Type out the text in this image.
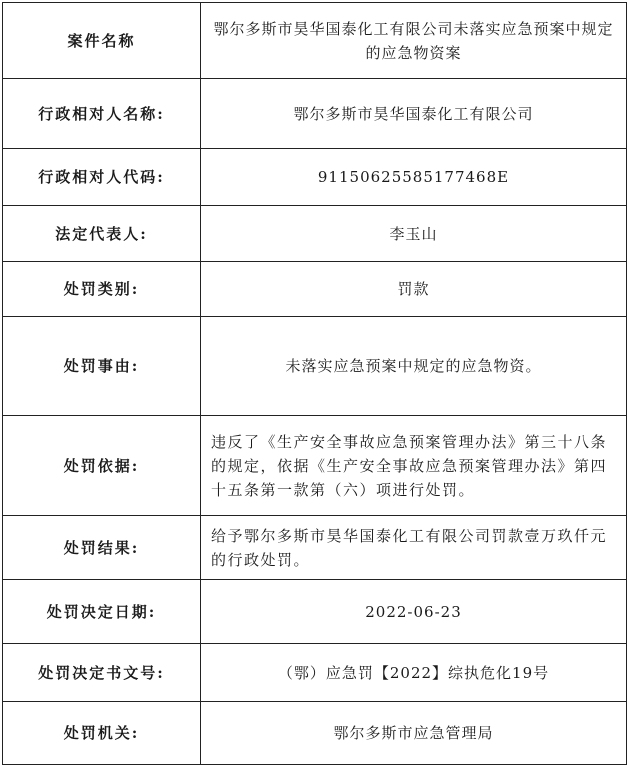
案件名称	鄂尔多斯市昊华国泰化工有限公司未落实应急预案中规定的应急物资案
行政相对人名称:	鄂尔多斯市昊华国泰化工有限公司
行政相对人代码:	91150625585177468E
法定代表人:	李玉山
处罚类别:	罚款
处罚事由:	未落实应急预案中规定的应急物资。
处罚依据:	违反了《生产安全事故应急预案管理办法》第三十八条的规定，依据《生产安全事故应急预案管理办法》第四十五条第一款第（六）项进行处罚。
处罚结果:	给予鄂尔多斯市昊华国泰化工有限公司罚款壹万玖仟元的行政处罚。
处罚决定日期:	2022-06-23
处罚决定书文号:	（鄂）应急罚【2022】综执危化19号
处罚机关:	鄂尔多斯市应急管理局
